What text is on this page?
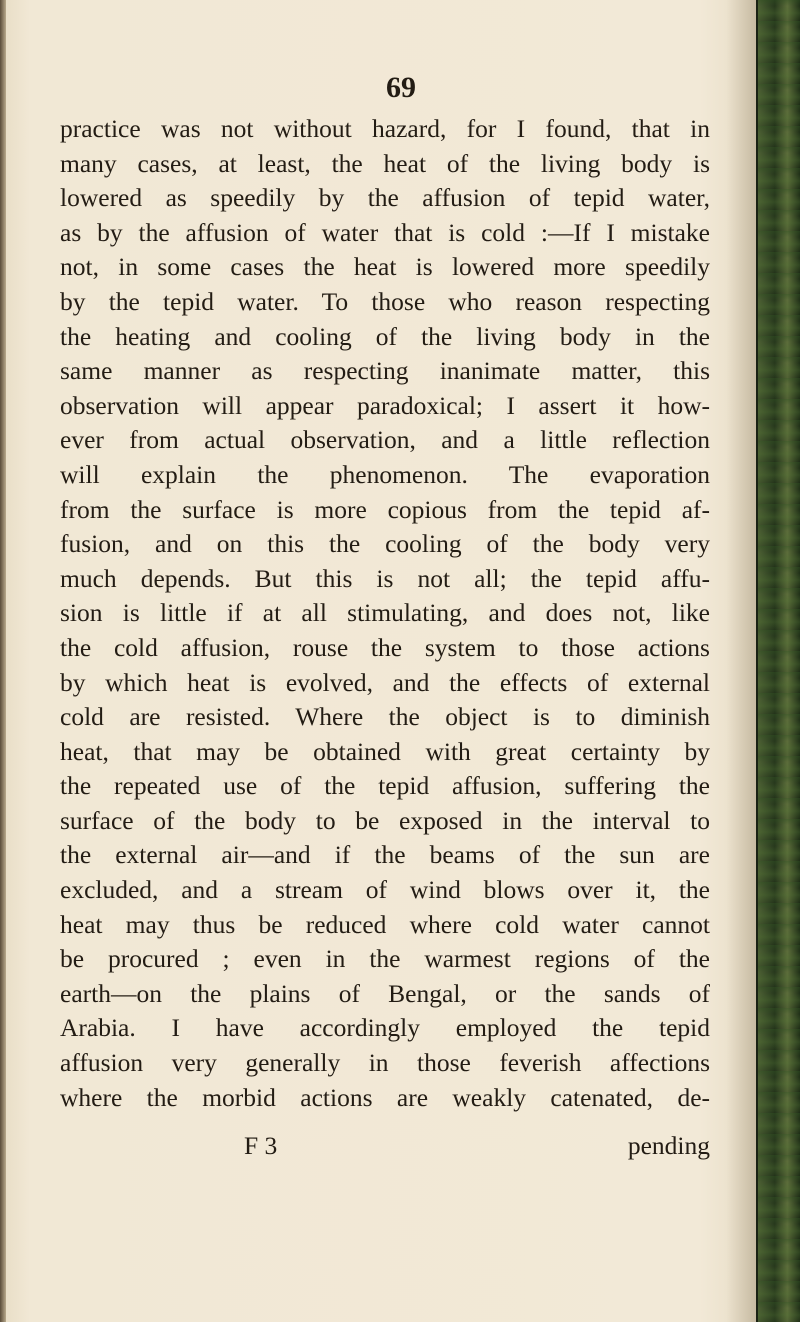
69
practice was not without hazard, for I found, that in
many cases, at least, the heat of the living body is
lowered as speedily by the affusion of tepid water,
as by the affusion of water that is cold :—If I mistake
not, in some cases the heat is lowered more speedily
by the tepid water. To those who reason respecting
the heating and cooling of the living body in the
same manner as respecting inanimate matter, this
observation will appear paradoxical; I assert it how-
ever from actual observation, and a little reflection
will explain the phenomenon. The evaporation
from the surface is more copious from the tepid af-
fusion, and on this the cooling of the body very
much depends. But this is not all; the tepid affu-
sion is little if at all stimulating, and does not, like
the cold affusion, rouse the system to those actions
by which heat is evolved, and the effects of external
cold are resisted. Where the object is to diminish
heat, that may be obtained with great certainty by
the repeated use of the tepid affusion, suffering the
surface of the body to be exposed in the interval to
the external air—and if the beams of the sun are
excluded, and a stream of wind blows over it, the
heat may thus be reduced where cold water cannot
be procured ; even in the warmest regions of the
earth—on the plains of Bengal, or the sands of
Arabia. I have accordingly employed the tepid
affusion very generally in those feverish affections
where the morbid actions are weakly catenated, de-
F 3	pending
